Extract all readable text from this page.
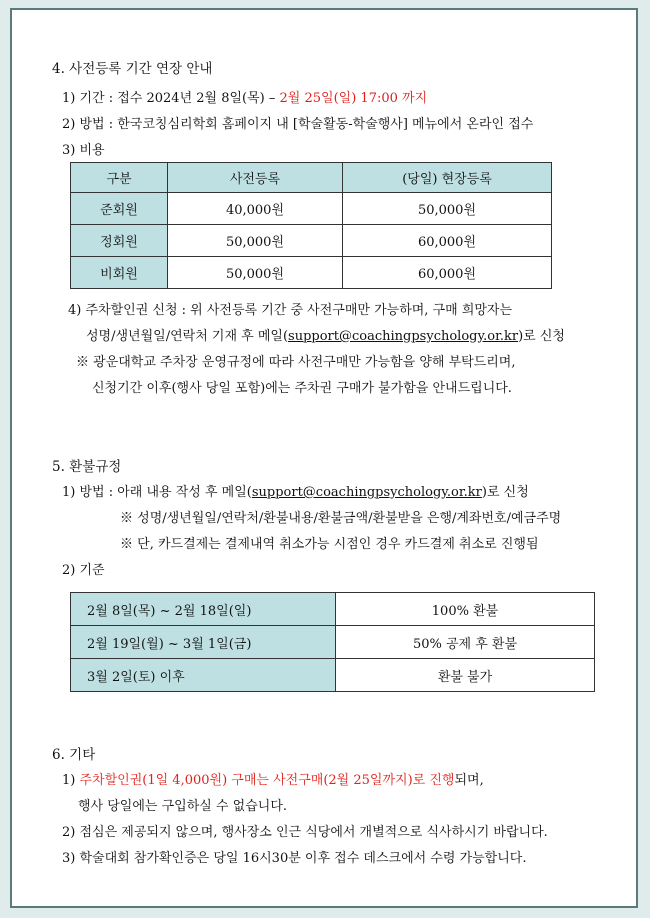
4. 사전등록 기간 연장 안내
1) 기간 : 접수 2024년 2월 8일(목) – 2월 25일(일) 17:00 까지
2) 방법 : 한국코칭심리학회 홈페이지 내 [학술활동-학술행사] 메뉴에서 온라인 접수
3) 비용
구분	사전등록	(당일) 현장등록
준회원	40,000원	50,000원
정회원	50,000원	60,000원
비회원	50,000원	60,000원
4) 주차할인권 신청 : 위 사전등록 기간 중 사전구매만 가능하며, 구매 희망자는
성명/생년월일/연락처 기재 후 메일(support@coachingpsychology.or.kr)로 신청
※ 광운대학교 주차장 운영규정에 따라 사전구매만 가능함을 양해 부탁드리며,
신청기간 이후(행사 당일 포함)에는 주차권 구매가 불가함을 안내드립니다.
5. 환불규정
1) 방법 : 아래 내용 작성 후 메일(support@coachingpsychology.or.kr)로 신청
※ 성명/생년월일/연락처/환불내용/환불금액/환불받을 은행/계좌번호/예금주명
※ 단, 카드결제는 결제내역 취소가능 시점인 경우 카드결제 취소로 진행됨
2) 기준
2월 8일(목) ~ 2월 18일(일)	100% 환불
2월 19일(월) ~ 3월 1일(금)	50% 공제 후 환불
3월 2일(토) 이후	환불 불가
6. 기타
1) 주차할인권(1일 4,000원) 구매는 사전구매(2월 25일까지)로 진행되며,
행사 당일에는 구입하실 수 없습니다.
2) 점심은 제공되지 않으며, 행사장소 인근 식당에서 개별적으로 식사하시기 바랍니다.
3) 학술대회 참가확인증은 당일 16시30분 이후 접수 데스크에서 수령 가능합니다.
